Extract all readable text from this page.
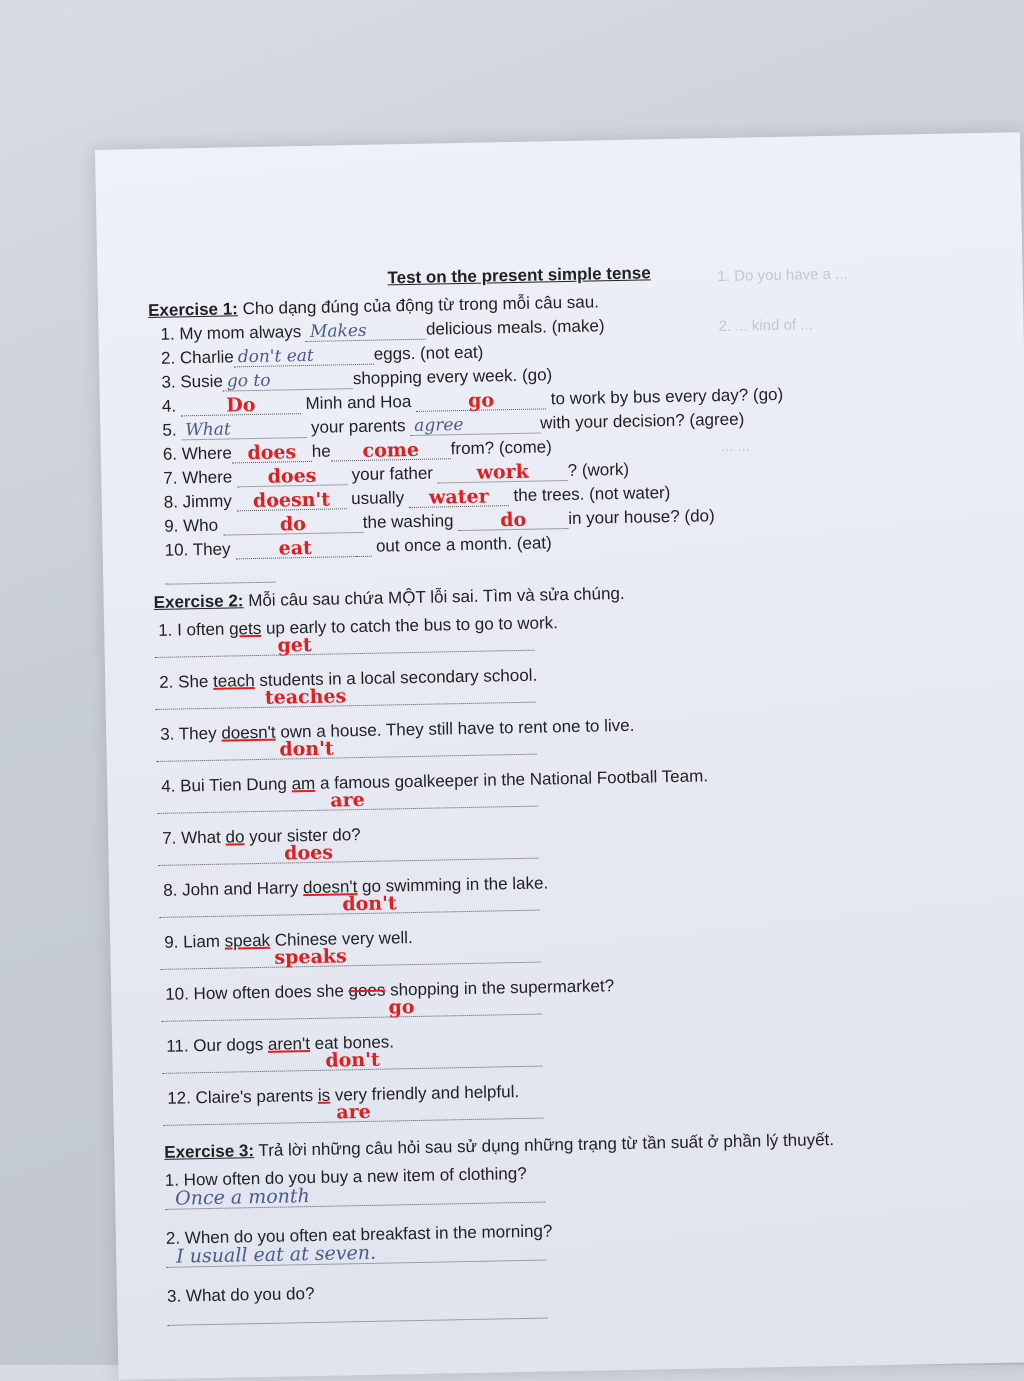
1. Do you have a ...
2. ... kind of ...
... ...
Test on the present simple tense
Exercise 1: Cho dạng đúng của động từ trong mỗi câu sau.
1. My mom always Makes	delicious meals. (make)
2. Charlie don't eat	eggs. (not eat)
3. Susie go to	shopping every week. (go)
4.	Do	Minh and Hoa	go	to work by bus every day? (go)
5. What	your parents agree	with your decision? (agree)
6. Where does he	come	from? (come)
7. Where	does	your father	work	? (work)
8. Jimmy doesn't usually	water	the trees. (not water)
9. Who	do	the washing	do	in your house? (do)
10. They	eat	out once a month. (eat)
Exercise 2: Mỗi câu sau chứa MỘT lỗi sai. Tìm và sửa chúng.
1. I often gets up early to catch the bus to go to work.
get
2. She teach students in a local secondary school.
teaches
3. They doesn't own a house. They still have to rent one to live.
don't
4. Bui Tien Dung am a famous goalkeeper in the National Football Team.
are
7. What do your sister do?
does
8. John and Harry doesn't go swimming in the lake.
don't
9. Liam speak Chinese very well.
speaks
10. How often does she goes shopping in the supermarket?
go
11. Our dogs aren't eat bones.
don't
12. Claire's parents is very friendly and helpful.
are
Exercise 3: Trả lời những câu hỏi sau sử dụng những trạng từ tần suất ở phần lý thuyết.
1. How often do you buy a new item of clothing?
Once a month
2. When do you often eat breakfast in the morning?
I usuall eat at seven.
3. What do you do?
